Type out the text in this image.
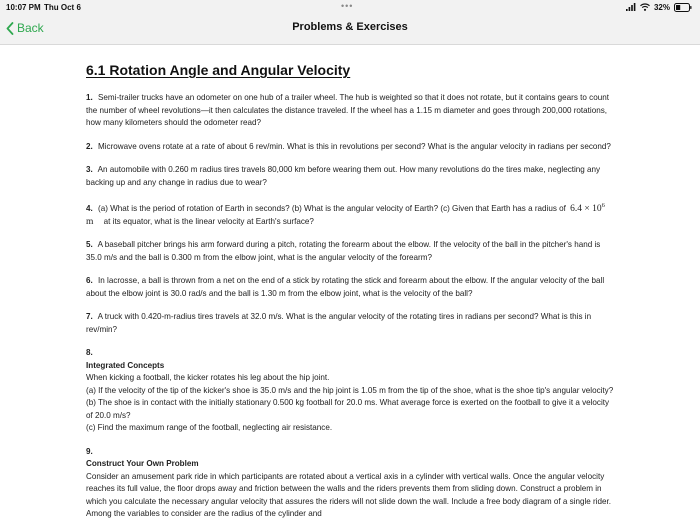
10:07 PM Thu Oct 6	•••	32%
Back	Problems & Exercises
6.1 Rotation Angle and Angular Velocity

1. Semi-trailer trucks have an odometer on one hub of a trailer wheel. The hub is weighted so that it does not rotate, but it contains gears to count the number of wheel revolutions—it then calculates the distance traveled. If the wheel has a 1.15 m diameter and goes through 200,000 rotations, how many kilometers should the odometer read?

2. Microwave ovens rotate at a rate of about 6 rev/min. What is this in revolutions per second? What is the angular velocity in radians per second?

3. An automobile with 0.260 m radius tires travels 80,000 km before wearing them out. How many revolutions do the tires make, neglecting any backing up and any change in radius due to wear?

4. (a) What is the period of rotation of Earth in seconds? (b) What is the angular velocity of Earth? (c) Given that Earth has a radius of $6.4 \times 10^6$ m at its equator, what is the linear velocity at Earth's surface?

5. A baseball pitcher brings his arm forward during a pitch, rotating the forearm about the elbow. If the velocity of the ball in the pitcher's hand is 35.0 m/s and the ball is 0.300 m from the elbow joint, what is the angular velocity of the forearm?

6. In lacrosse, a ball is thrown from a net on the end of a stick by rotating the stick and forearm about the elbow. If the angular velocity of the ball about the elbow joint is 30.0 rad/s and the ball is 1.30 m from the elbow joint, what is the velocity of the ball?

7. A truck with 0.420-m-radius tires travels at 32.0 m/s. What is the angular velocity of the rotating tires in radians per second? What is this in rev/min?

8.
Integrated Concepts
When kicking a football, the kicker rotates his leg about the hip joint.
(a) If the velocity of the tip of the kicker's shoe is 35.0 m/s and the hip joint is 1.05 m from the tip of the shoe, what is the shoe tip's angular velocity?
(b) The shoe is in contact with the initially stationary 0.500 kg football for 20.0 ms. What average force is exerted on the football to give it a velocity of 20.0 m/s?
(c) Find the maximum range of the football, neglecting air resistance.

9.
Construct Your Own Problem
Consider an amusement park ride in which participants are rotated about a vertical axis in a cylinder with vertical walls. Once the angular velocity reaches its full value, the floor drops away and friction between the walls and the riders prevents them from sliding down. Construct a problem in which you calculate the necessary angular velocity that assures the riders will not slide down the wall. Include a free body diagram of a single rider. Among the variables to consider are the radius of the cylinder and
